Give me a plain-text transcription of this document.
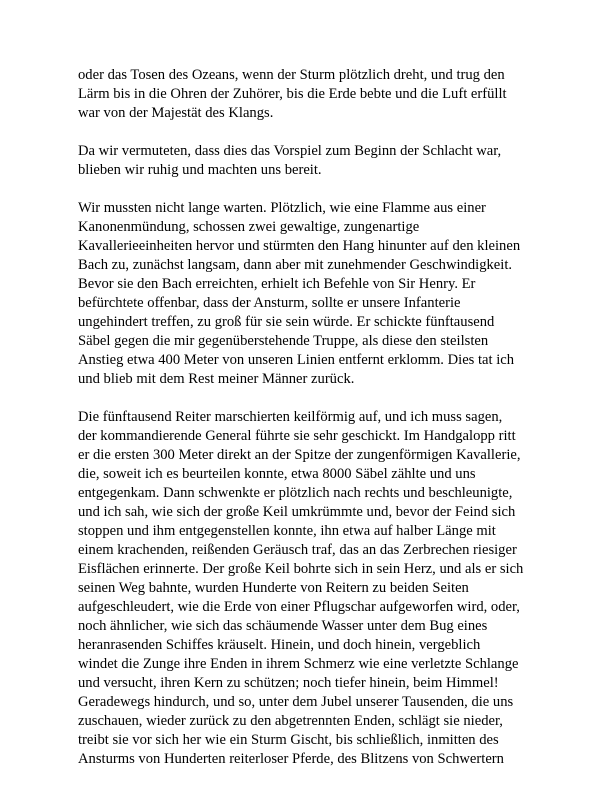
oder das Tosen des Ozeans, wenn der Sturm plötzlich dreht, und trug den
Lärm bis in die Ohren der Zuhörer, bis die Erde bebte und die Luft erfüllt
war von der Majestät des Klangs.
Da wir vermuteten, dass dies das Vorspiel zum Beginn der Schlacht war,
blieben wir ruhig und machten uns bereit.
Wir mussten nicht lange warten. Plötzlich, wie eine Flamme aus einer
Kanonenmündung, schossen zwei gewaltige, zungenartige
Kavallerieeinheiten hervor und stürmten den Hang hinunter auf den kleinen
Bach zu, zunächst langsam, dann aber mit zunehmender Geschwindigkeit.
Bevor sie den Bach erreichten, erhielt ich Befehle von Sir Henry. Er
befürchtete offenbar, dass der Ansturm, sollte er unsere Infanterie
ungehindert treffen, zu groß für sie sein würde. Er schickte fünftausend
Säbel gegen die mir gegenüberstehende Truppe, als diese den steilsten
Anstieg etwa 400 Meter von unseren Linien entfernt erklomm. Dies tat ich
und blieb mit dem Rest meiner Männer zurück.
Die fünftausend Reiter marschierten keilförmig auf, und ich muss sagen,
der kommandierende General führte sie sehr geschickt. Im Handgalopp ritt
er die ersten 300 Meter direkt an der Spitze der zungenförmigen Kavallerie,
die, soweit ich es beurteilen konnte, etwa 8000 Säbel zählte und uns
entgegenkam. Dann schwenkte er plötzlich nach rechts und beschleunigte,
und ich sah, wie sich der große Keil umkrümmte und, bevor der Feind sich
stoppen und ihm entgegenstellen konnte, ihn etwa auf halber Länge mit
einem krachenden, reißenden Geräusch traf, das an das Zerbrechen riesiger
Eisflächen erinnerte. Der große Keil bohrte sich in sein Herz, und als er sich
seinen Weg bahnte, wurden Hunderte von Reitern zu beiden Seiten
aufgeschleudert, wie die Erde von einer Pflugschar aufgeworfen wird, oder,
noch ähnlicher, wie sich das schäumende Wasser unter dem Bug eines
heranrasenden Schiffes kräuselt. Hinein, und doch hinein, vergeblich
windet die Zunge ihre Enden in ihrem Schmerz wie eine verletzte Schlange
und versucht, ihren Kern zu schützen; noch tiefer hinein, beim Himmel!
Geradewegs hindurch, und so, unter dem Jubel unserer Tausenden, die uns
zuschauen, wieder zurück zu den abgetrennten Enden, schlägt sie nieder,
treibt sie vor sich her wie ein Sturm Gischt, bis schließlich, inmitten des
Ansturms von Hunderten reiterloser Pferde, des Blitzens von Schwertern
